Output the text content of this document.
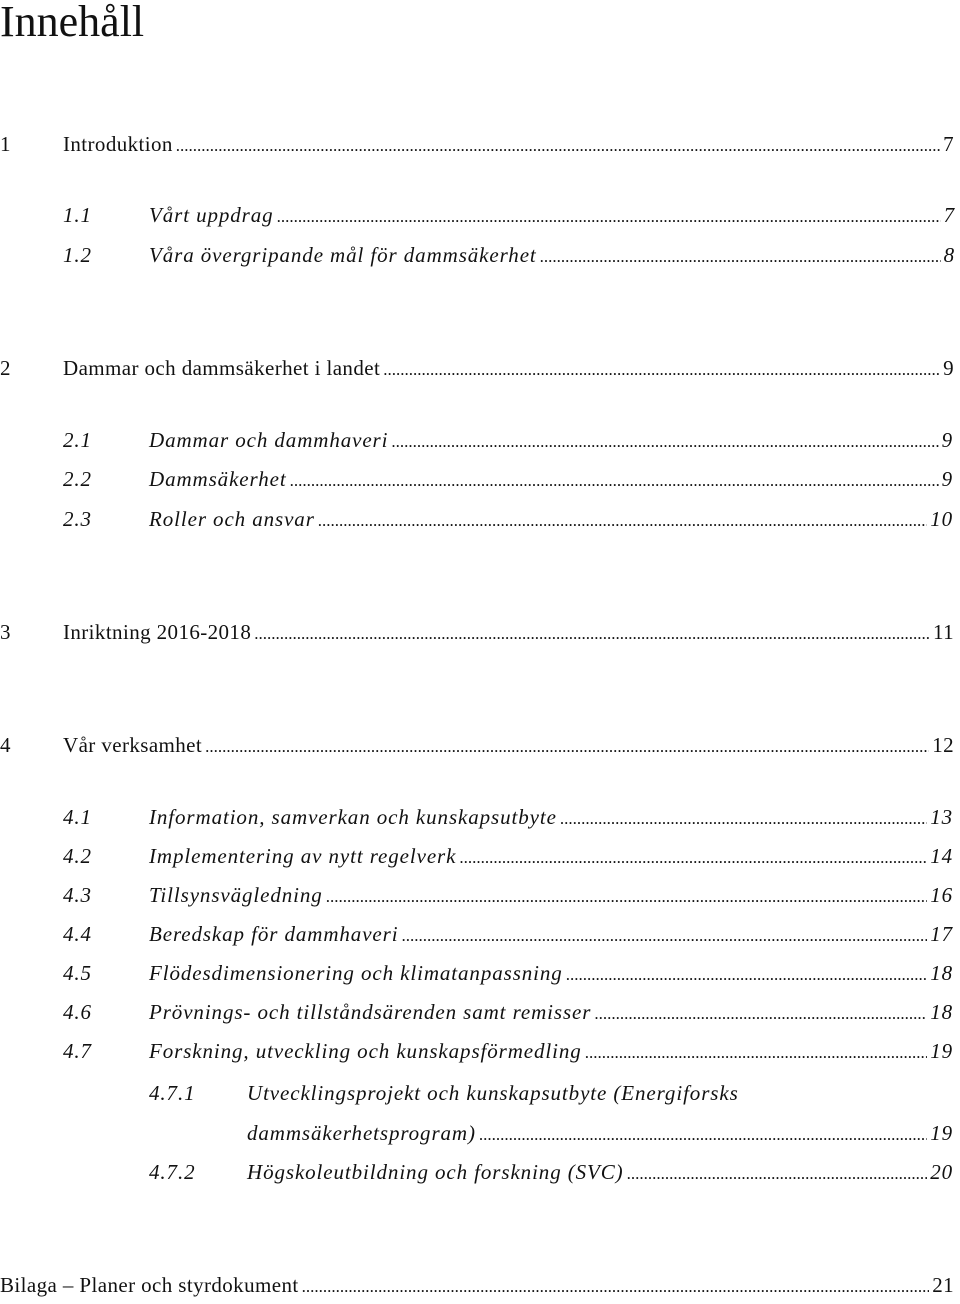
Innehåll
1	Introduktion .....	7
1.1	Vårt uppdrag .....	7
1.2	Våra övergripande mål för dammsäkerhet .....	8
2	Dammar och dammsäkerhet i landet .....	9
2.1	Dammar och dammhaveri .....	9
2.2	Dammsäkerhet .....	9
2.3	Roller och ansvar .....	10
3	Inriktning 2016-2018 .....	11
4	Vår verksamhet .....	12
4.1	Information, samverkan och kunskapsutbyte .....	13
4.2	Implementering av nytt regelverk .....	14
4.3	Tillsynsvägledning .....	16
4.4	Beredskap för dammhaveri .....	17
4.5	Flödesdimensionering och klimatanpassning .....	18
4.6	Prövnings- och tillståndsärenden samt remisser .....	18
4.7	Forskning, utveckling och kunskapsförmedling .....	19
4.7.1 Utvecklingsprojekt och kunskapsutbyte (Energiforsks
dammsäkerhetsprogram) .....	19
4.7.2	Högskoleutbildning och forskning (SVC) .....	20
Bilaga – Planer och styrdokument .....	21
